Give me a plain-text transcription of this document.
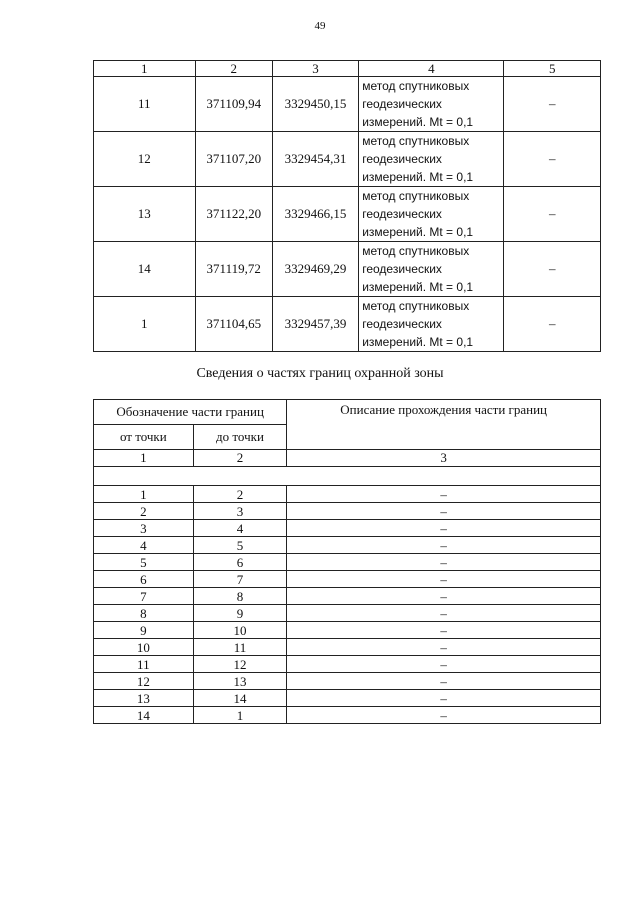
49
1	2	3	4	5
11	371109,94	3329450,15	метод спутниковых геодезических измерений. Mt = 0,1	–
12	371107,20	3329454,31	метод спутниковых геодезических измерений. Mt = 0,1	–
13	371122,20	3329466,15	метод спутниковых геодезических измерений. Mt = 0,1	–
14	371119,72	3329469,29	метод спутниковых геодезических измерений. Mt = 0,1	–
1	371104,65	3329457,39	метод спутниковых геодезических измерений. Mt = 0,1	–
Сведения о частях границ охранной зоны
Обозначение части границ		Описание прохождения части границ
от точки	до точки	
1	2	3

1	2	–
2	3	–
3	4	–
4	5	–
5	6	–
6	7	–
7	8	–
8	9	–
9	10	–
10	11	–
11	12	–
12	13	–
13	14	–
14	1	–
